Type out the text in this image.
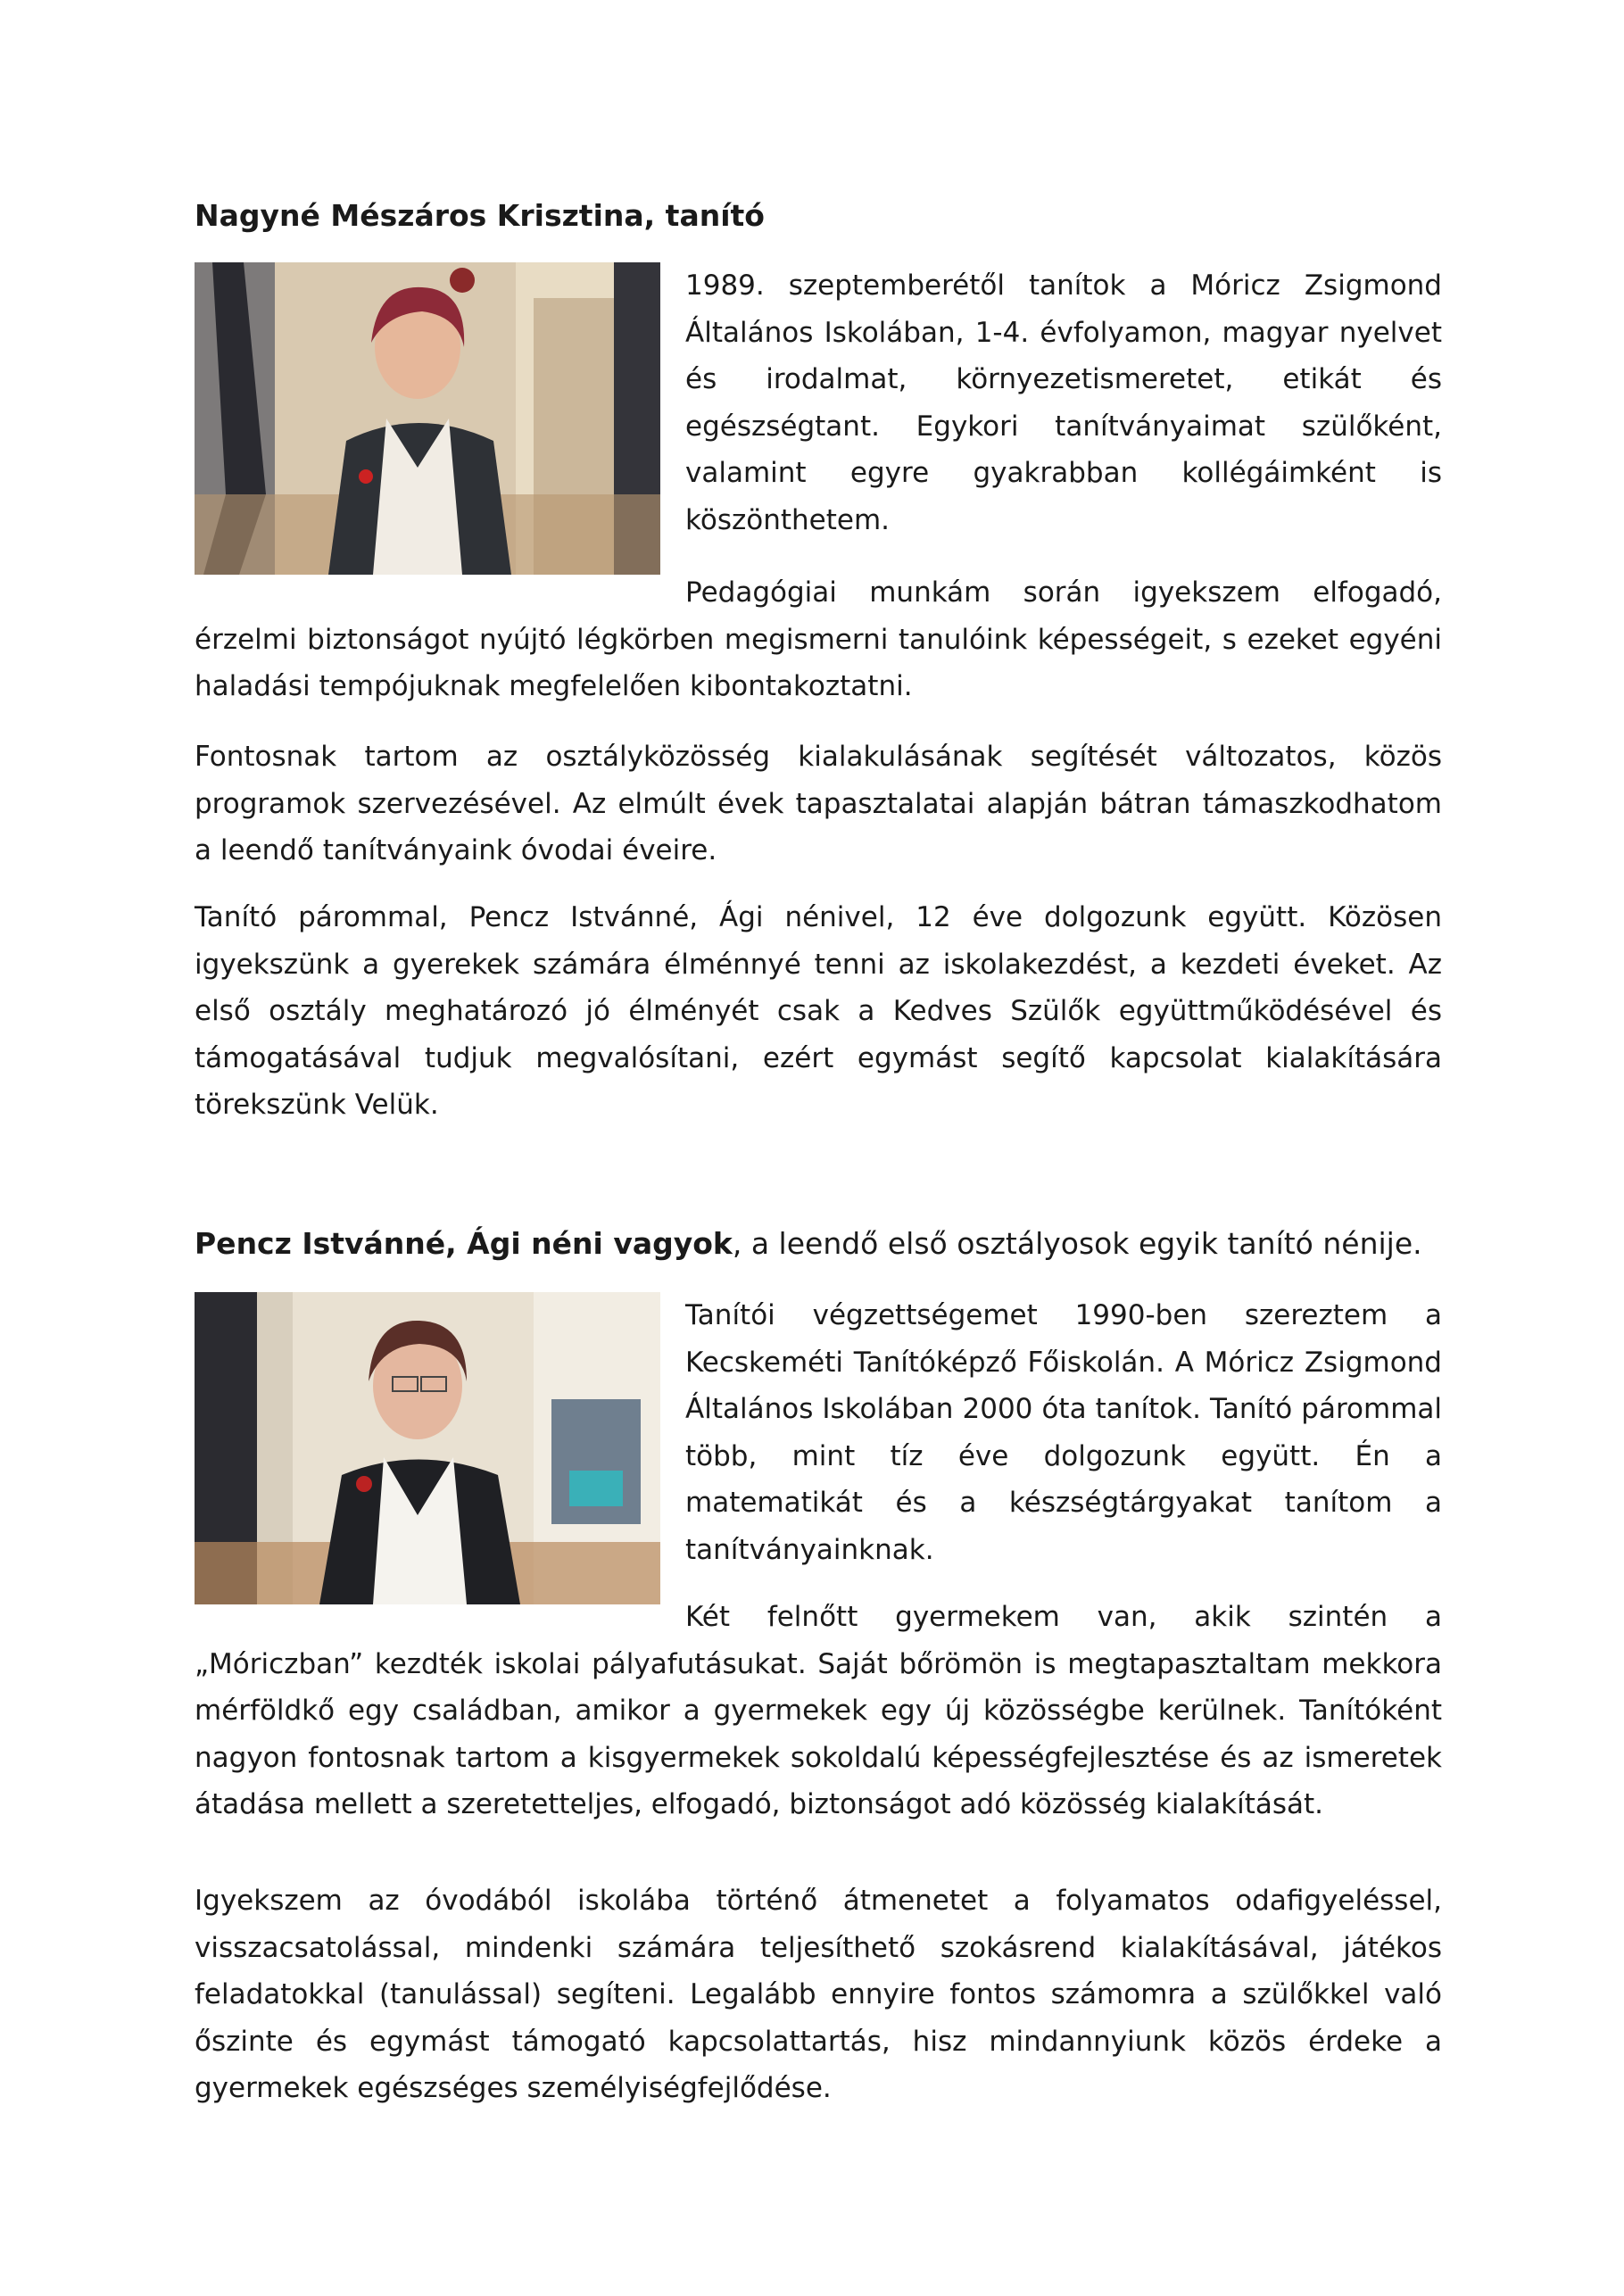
Nagyné Mészáros Krisztina, tanító

1989. szeptemberétől tanítok a Móricz Zsigmond Általános Iskolában, 1-4. évfolyamon, magyar nyelvet és irodalmat, környezetismeretet, etikát és egészségtant. Egykori tanítványaimat szülőként, valamint egyre gyakrabban kollégáimként is köszönthetem.

Pedagógiai munkám során igyekszem elfogadó, érzelmi biztonságot nyújtó légkörben megismerni tanulóink képességeit, s ezeket egyéni haladási tempójuknak megfelelően kibontakoztatni.

Fontosnak tartom az osztályközösség kialakulásának segítését változatos, közös programok szervezésével. Az elmúlt évek tapasztalatai alapján bátran támaszkodhatom a leendő tanítványaink óvodai éveire.

Tanító párommal, Pencz Istvánné, Ági nénivel, 12 éve dolgozunk együtt. Közösen igyekszünk a gyerekek számára élménnyé tenni az iskolakezdést, a kezdeti éveket. Az első osztály meghatározó jó élményét csak a Kedves Szülők együttműködésével és támogatásával tudjuk megvalósítani, ezért egymást segítő kapcsolat kialakítására törekszünk Velük.

Pencz Istvánné, Ági néni vagyok, a leendő első osztályosok egyik tanító nénije.

Tanítói végzettségemet 1990-ben szereztem a Kecskeméti Tanítóképző Főiskolán. A Móricz Zsigmond Általános Iskolában 2000 óta tanítok. Tanító párommal több, mint tíz éve dolgozunk együtt. Én a matematikát és a készségtárgyakat tanítom a tanítványainknak.

Két felnőtt gyermekem van, akik szintén a „Móriczban” kezdték iskolai pályafutásukat. Saját bőrömön is megtapasztaltam mekkora mérföldkő egy családban, amikor a gyermekek egy új közösségbe kerülnek. Tanítóként nagyon fontosnak tartom a kisgyermekek sokoldalú képességfejlesztése és az ismeretek átadása mellett a szeretetteljes, elfogadó, biztonságot adó közösség kialakítását.

Igyekszem az óvodából iskolába történő átmenetet a folyamatos odafigyeléssel, visszacsatolással, mindenki számára teljesíthető szokásrend kialakításával, játékos feladatokkal (tanulással) segíteni. Legalább ennyire fontos számomra a szülőkkel való őszinte és egymást támogató kapcsolattartás, hisz mindannyiunk közös érdeke a gyermekek egészséges személyiségfejlődése.
